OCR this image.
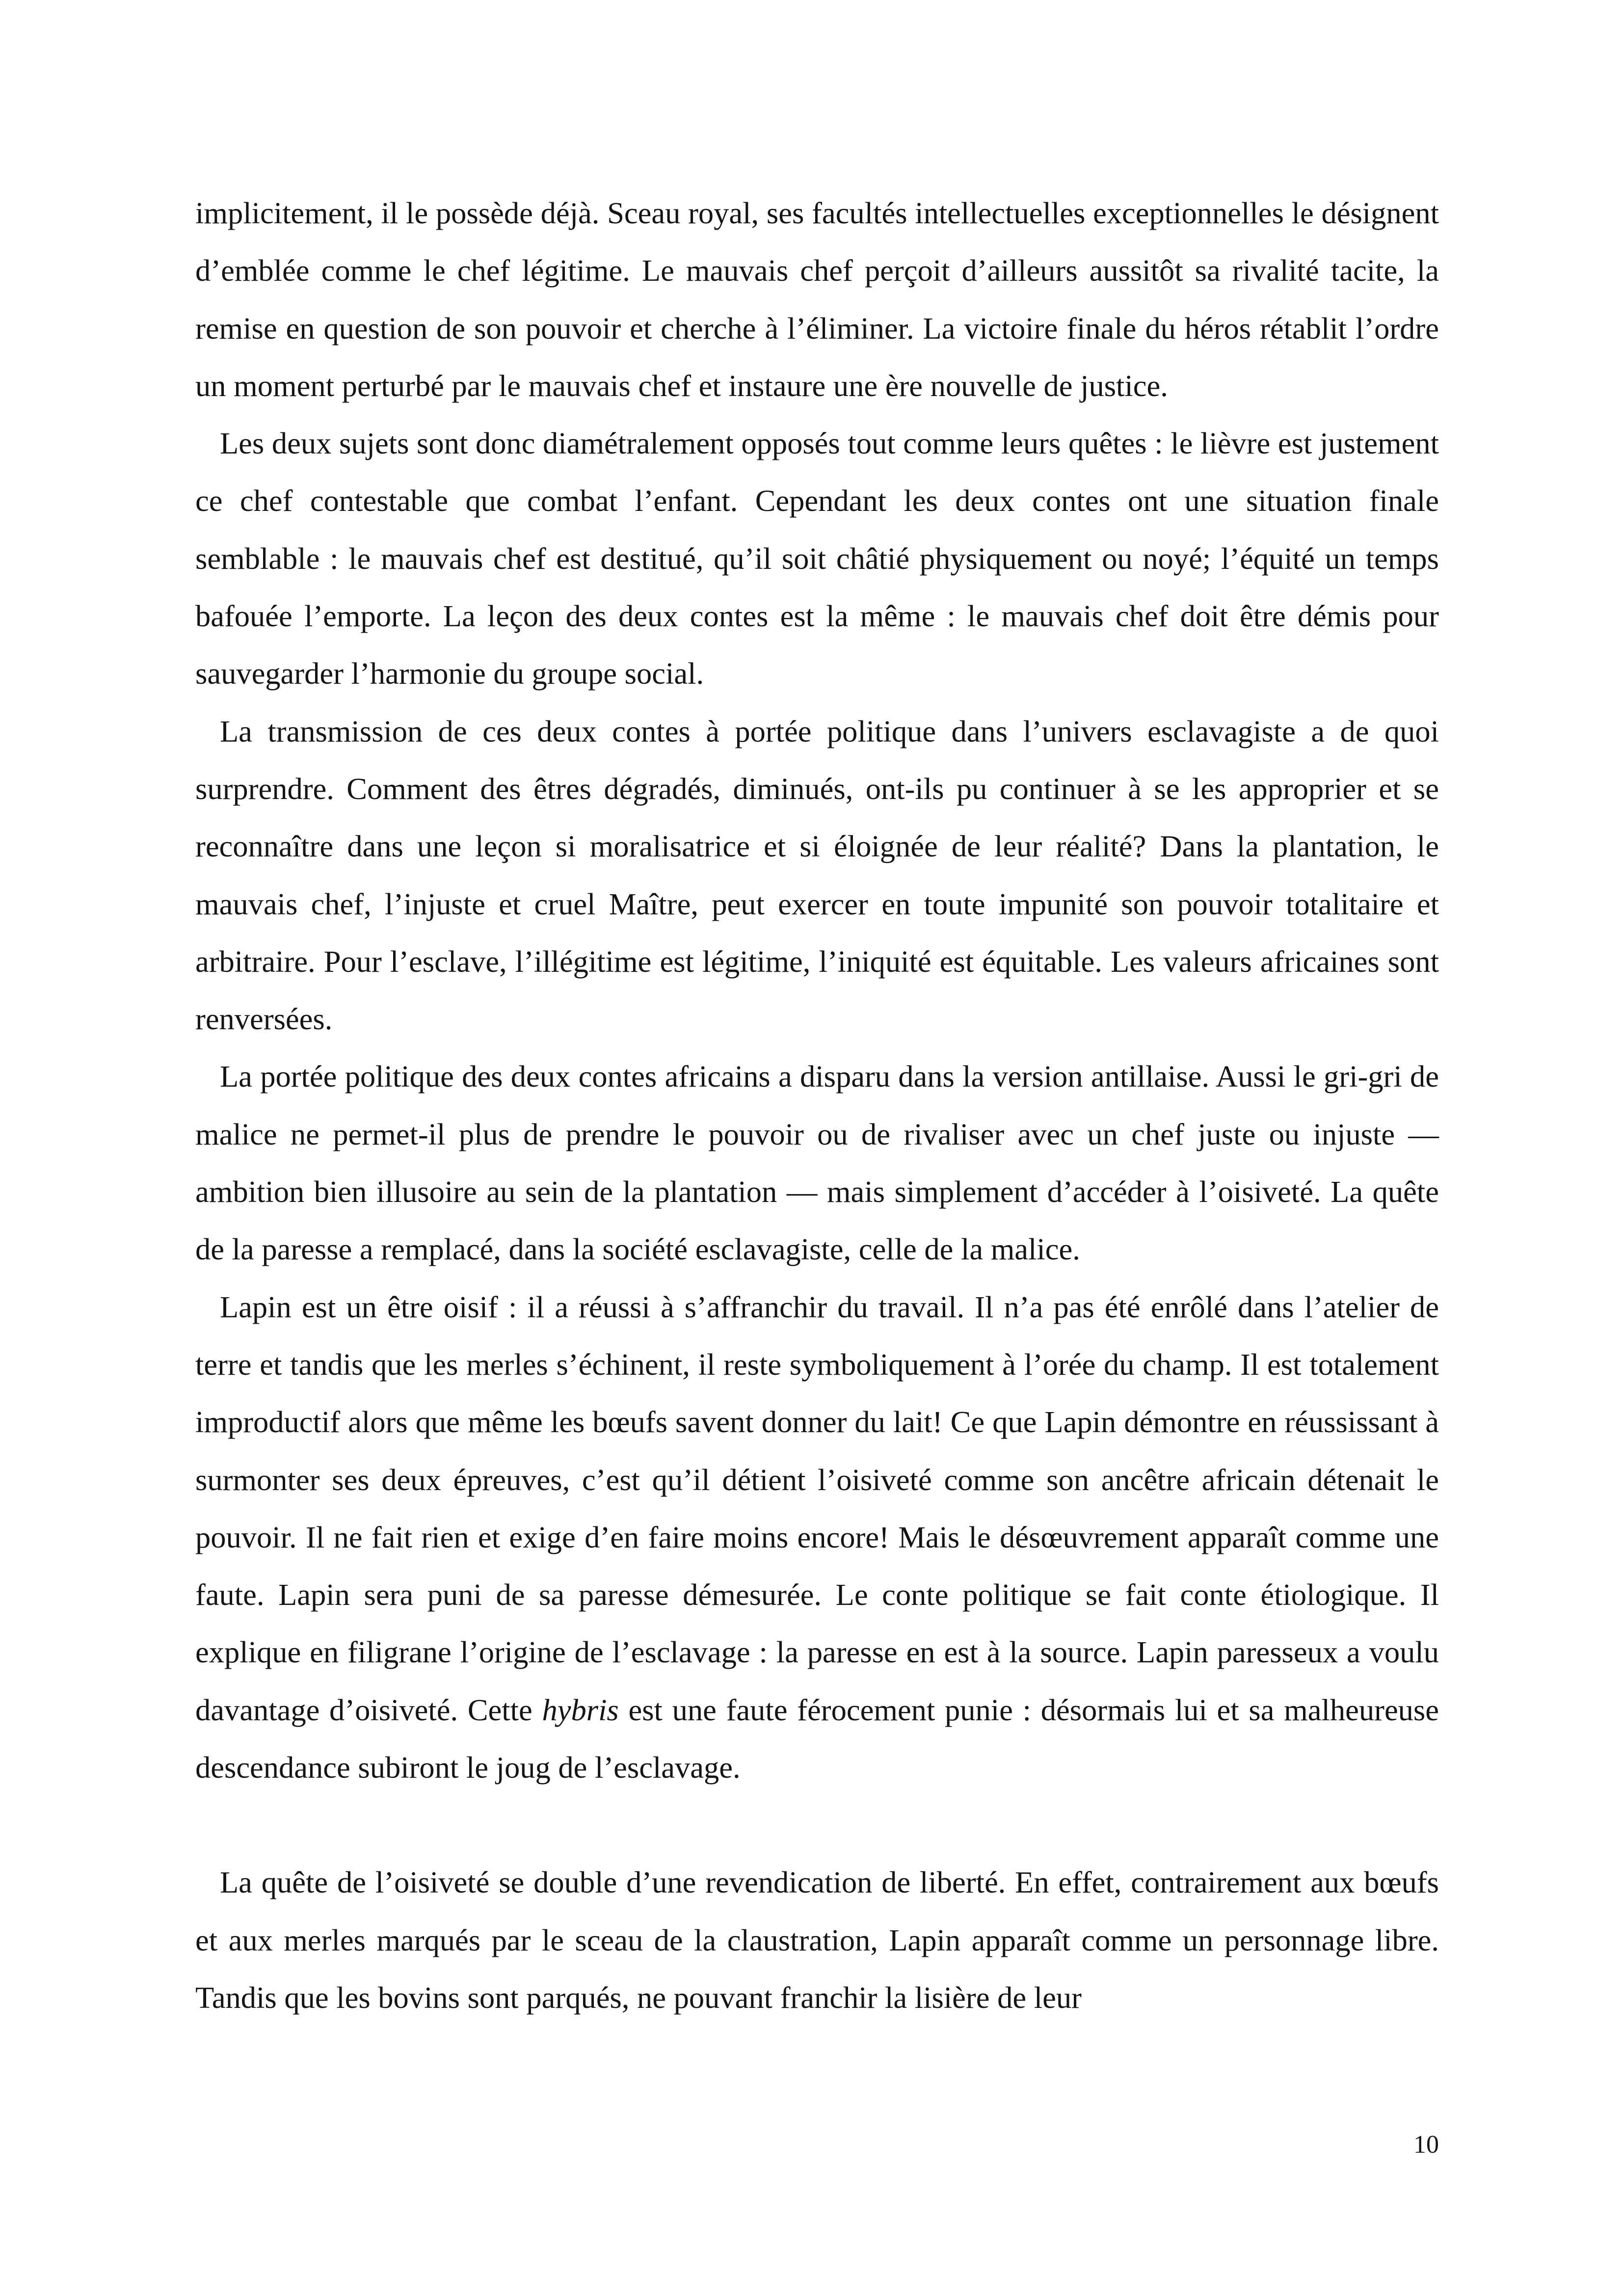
implicitement, il le possède déjà. Sceau royal, ses facultés intellectuelles exceptionnelles le désignent d’emblée comme le chef légitime. Le mauvais chef perçoit d’ailleurs aussitôt sa rivalité tacite, la remise en question de son pouvoir et cherche à l’éliminer. La victoire finale du héros rétablit l’ordre un moment perturbé par le mauvais chef et instaure une ère nouvelle de justice.

Les deux sujets sont donc diamétralement opposés tout comme leurs quêtes : le lièvre est justement ce chef contestable que combat l’enfant. Cependant les deux contes ont une situation finale semblable : le mauvais chef est destitué, qu’il soit châtié physiquement ou noyé; l’équité un temps bafouée l’emporte. La leçon des deux contes est la même : le mauvais chef doit être démis pour sauvegarder l’harmonie du groupe social.

La transmission de ces deux contes à portée politique dans l’univers esclavagiste a de quoi surprendre. Comment des êtres dégradés, diminués, ont-ils pu continuer à se les approprier et se reconnaître dans une leçon si moralisatrice et si éloignée de leur réalité? Dans la plantation, le mauvais chef, l’injuste et cruel Maître, peut exercer en toute impunité son pouvoir totalitaire et arbitraire. Pour l’esclave, l’illégitime est légitime, l’iniquité est équitable. Les valeurs africaines sont renversées.

La portée politique des deux contes africains a disparu dans la version antillaise. Aussi le gri-gri de malice ne permet-il plus de prendre le pouvoir ou de rivaliser avec un chef juste ou injuste — ambition bien illusoire au sein de la plantation — mais simplement d’accéder à l’oisiveté. La quête de la paresse a remplacé, dans la société esclavagiste, celle de la malice.

Lapin est un être oisif : il a réussi à s’affranchir du travail. Il n’a pas été enrôlé dans l’atelier de terre et tandis que les merles s’échinent, il reste symboliquement à l’orée du champ. Il est totalement improductif alors que même les bœufs savent donner du lait! Ce que Lapin démontre en réussissant à surmonter ses deux épreuves, c’est qu’il détient l’oisiveté comme son ancêtre africain détenait le pouvoir. Il ne fait rien et exige d’en faire moins encore! Mais le désœuvrement apparaît comme une faute. Lapin sera puni de sa paresse démesurée. Le conte politique se fait conte étiologique. Il explique en filigrane l’origine de l’esclavage : la paresse en est à la source. Lapin paresseux a voulu davantage d’oisiveté. Cette hybris est une faute férocement punie : désormais lui et sa malheureuse descendance subiront le joug de l’esclavage.

La quête de l’oisiveté se double d’une revendication de liberté. En effet, contrairement aux bœufs et aux merles marqués par le sceau de la claustration, Lapin apparaît comme un personnage libre. Tandis que les bovins sont parqués, ne pouvant franchir la lisière de leur

10
